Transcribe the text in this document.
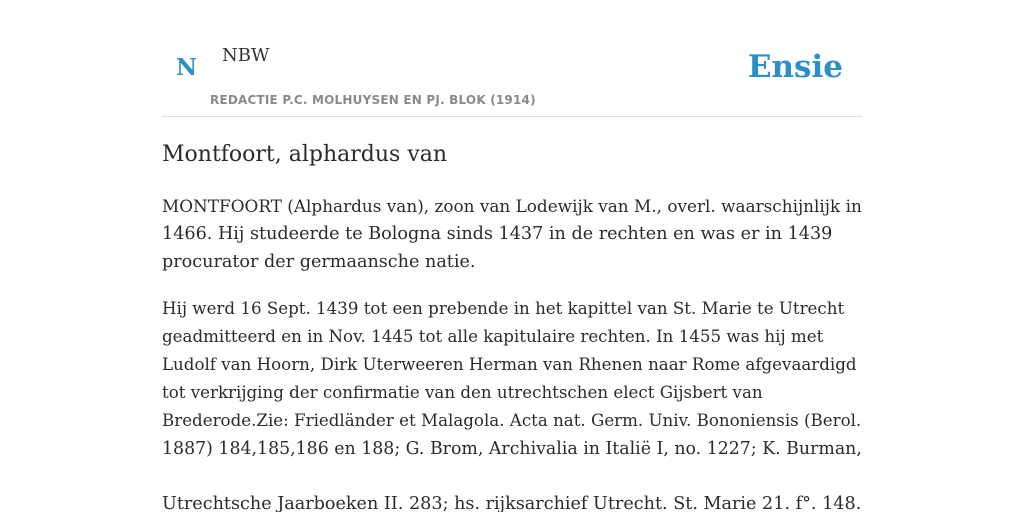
N NBW
REDACTIE P.C. MOLHUYSEN EN PJ. BLOK (1914)
Ensie
Montfoort, alphardus van

MONTFOORT (Alphardus van), zoon van Lodewijk van M., overl. waarschijnlijk in
1466. Hij studeerde te Bologna sinds 1437 in de rechten en was er in 1439
procurator der germaansche natie.

Hij werd 16 Sept. 1439 tot een prebende in het kapittel van St. Marie te Utrecht
geadmitteerd en in Nov. 1445 tot alle kapitulaire rechten. In 1455 was hij met
Ludolf van Hoorn, Dirk Uterweeren Herman van Rhenen naar Rome afgevaardigd
tot verkrijging der confirmatie van den utrechtschen elect Gijsbert van
Brederode.Zie: Friedländer et Malagola. Acta nat. Germ. Univ. Bononiensis (Berol.
1887) 184,185,186 en 188; G. Brom, Archivalia in Italië I, no. 1227; K. Burman,

Utrechtsche Jaarboeken II. 283; hs. rijksarchief Utrecht. St. Marie 21. f°. 148.
